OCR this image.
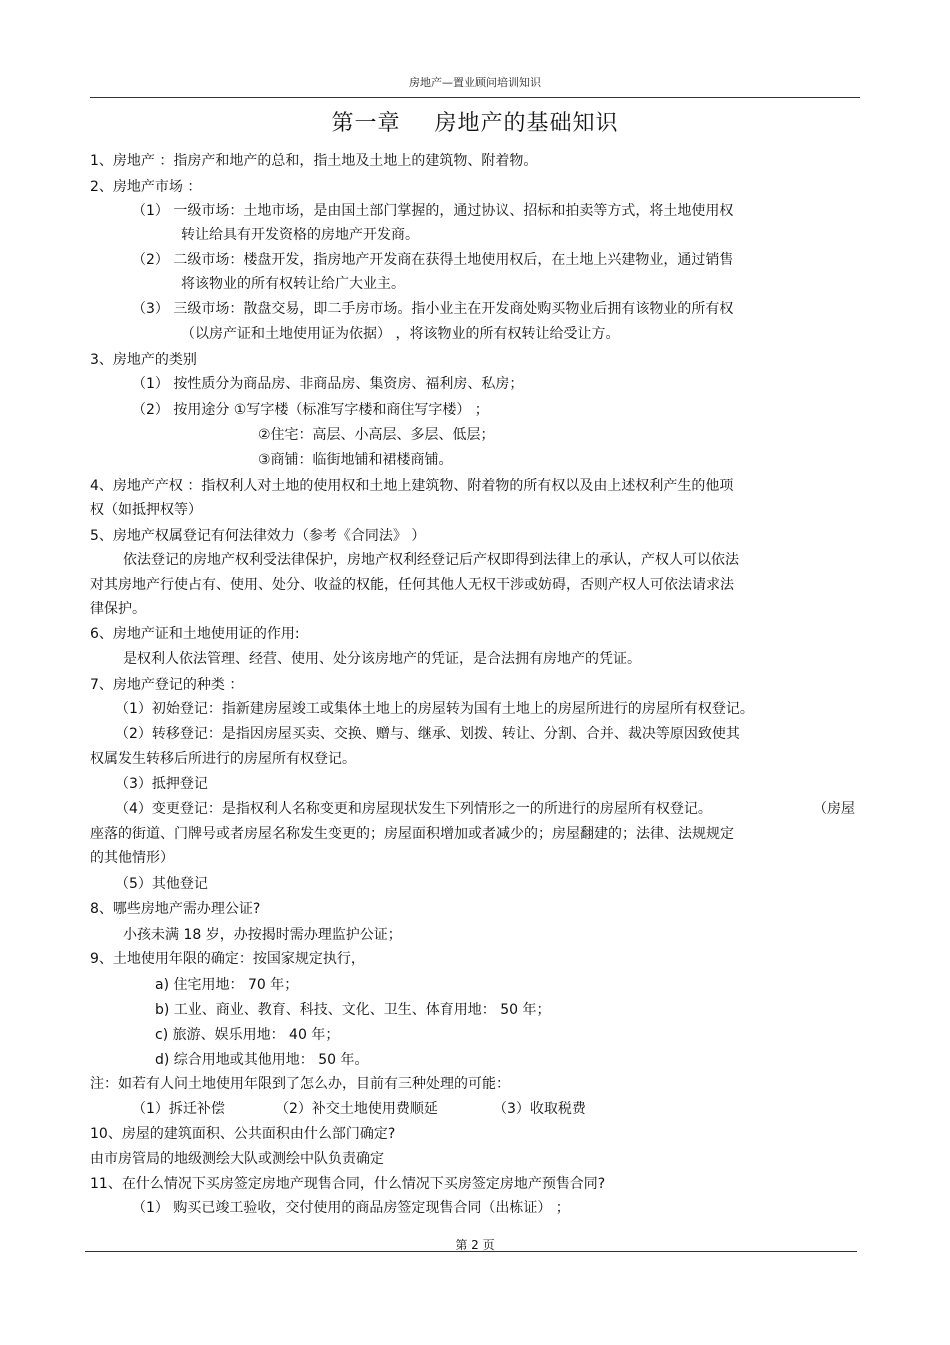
房地产—置业顾问培训知识
第一章 房地产的基础知识
1、房地产 ：指房产和地产的总和，指土地及土地上的建筑物、附着物。
2、房地产市场 ：
（1） 一级市场：土地市场，是由国土部门掌握的，通过协议、招标和拍卖等方式，将土地使用权
转让给具有开发资格的房地产开发商。
（2） 二级市场：楼盘开发，指房地产开发商在获得土地使用权后，在土地上兴建物业，通过销售
将该物业的所有权转让给广大业主。
（3） 三级市场：散盘交易，即二手房市场。指小业主在开发商处购买物业后拥有该物业的所有权
（以房产证和土地使用证为依据） ，将该物业的所有权转让给受让方。
3、房地产的类别
（1） 按性质分为商品房、非商品房、集资房、福利房、私房；
（2） 按用途分 ①写字楼（标准写字楼和商住写字楼） ；
②住宅：高层、小高层、多层、低层；
③商铺：临街地铺和裙楼商铺。
4、房地产产权 ：指权利人对土地的使用权和土地上建筑物、附着物的所有权以及由上述权利产生的他项
权（如抵押权等）
5、房地产权属登记有何法律效力（参考《合同法》 ）
依法登记的房地产权利受法律保护，房地产权利经登记后产权即得到法律上的承认，产权人可以依法
对其房地产行使占有、使用、处分、收益的权能，任何其他人无权干涉或妨碍，否则产权人可依法请求法
律保护。
6、房地产证和土地使用证的作用:
是权利人依法管理、经营、使用、处分该房地产的凭证，是合法拥有房地产的凭证。
7、房地产登记的种类 ：
（1）初始登记：指新建房屋竣工或集体土地上的房屋转为国有土地上的房屋所进行的房屋所有权登记。
（2）转移登记：是指因房屋买卖、交换、赠与、继承、划拨、转让、分割、合并、裁决等原因致使其
权属发生转移后所进行的房屋所有权登记。
（3）抵押登记
（4）变更登记：是指权利人名称变更和房屋现状发生下列情形之一的所进行的房屋所有权登记。	（房屋
座落的街道、门牌号或者房屋名称发生变更的；房屋面积增加或者减少的；房屋翻建的；法律、法规规定
的其他情形）
（5）其他登记
8、哪些房地产需办理公证?
小孩未满 18 岁，办按揭时需办理监护公证；
9、土地使用年限的确定：按国家规定执行，
a) 住宅用地： 70 年；
b) 工业、商业、教育、科技、文化、卫生、体育用地： 50 年；
c) 旅游、娱乐用地： 40 年；
d) 综合用地或其他用地： 50 年。
注：如若有人问土地使用年限到了怎么办，目前有三种处理的可能：
（1）拆迁补偿	（2）补交土地使用费顺延	（3）收取税费
10、房屋的建筑面积、公共面积由什么部门确定?
由市房管局的地级测绘大队或测绘中队负责确定
11、在什么情况下买房签定房地产现售合同，什么情况下买房签定房地产预售合同?
（1） 购买已竣工验收，交付使用的商品房签定现售合同（出栋证） ；
第 2 页
